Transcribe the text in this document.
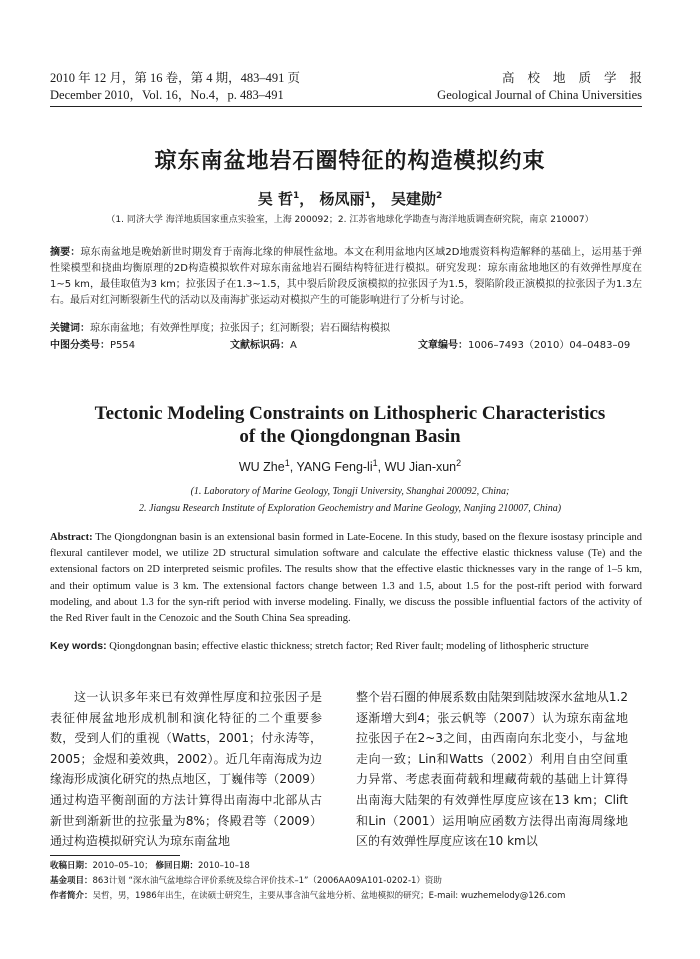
2010 年 12 月，第 16 卷，第 4 期，483–491 页
December 2010，Vol. 16，No.4，p. 483–491
高校地质学报
Geological Journal of China Universities
琼东南盆地岩石圈特征的构造模拟约束
吴 哲$^1$， 杨凤丽$^1$， 吴建勋$^2$
（1. 同济大学 海洋地质国家重点实验室，上海 200092；2. 江苏省地球化学勘查与海洋地质调查研究院，南京 210007）
摘要：琼东南盆地是晚始新世时期发育于南海北缘的伸展性盆地。本文在利用盆地内区域2D地震资料构造解释的基础上，运用基于弹性梁模型和挠曲均衡原理的2D构造模拟软件对琼东南盆地岩石圈结构特征进行模拟。研究发现：琼东南盆地地区的有效弹性厚度在1~5 km，最佳取值为3 km；拉张因子在1.3~1.5，其中裂后阶段反演模拟的拉张因子为1.5，裂陷阶段正演模拟的拉张因子为1.3左右。最后对红河断裂新生代的活动以及南海扩张运动对模拟产生的可能影响进行了分析与讨论。
关键词：琼东南盆地；有效弹性厚度；拉张因子；红河断裂；岩石圈结构模拟
中图分类号：P554	文献标识码：A	文章编号：1006–7493（2010）04–0483–09
Tectonic Modeling Constraints on Lithospheric Characteristics
of the Qiongdongnan Basin
WU Zhe$^1$, YANG Feng-$li^1$, WU Jian-xun$^2$
(1. Laboratory of Marine Geology, Tongji University, Shanghai 200092, China;
2. Jiangsu Research Institute of Exploration Geochemistry and Marine Geology, Nanjing 210007, China)
Abstract: The Qiongdongnan basin is an extensional basin formed in Late-Eocene. In this study, based on the flexure isostasy principle and flexural cantilever model, we utilize 2D structural simulation software and calculate the effective elastic thickness valuse (Te) and the extensional factors on 2D interpreted seismic profiles. The results show that the effective elastic thicknesses vary in the range of 1–5 km, and their optimum value is 3 km. The extensional factors change between 1.3 and 1.5, about 1.5 for the post-rift period with forward modeling, and about 1.3 for the syn-rift period with inverse modeling. Finally, we discuss the possible influential factors of the activity of the Red River fault in the Cenozoic and the South China Sea spreading.
Key words: Qiongdongnan basin; effective elastic thickness; stretch factor; Red River fault; modeling of lithospheric structure
这一认识多年来已有效弹性厚度和拉张因子是表征伸展盆地形成机制和演化特征的二个重要参数，受到人们的重视（Watts，2001；付永涛等，2005；金煜和姜效典，2002）。近几年南海成为边缘海形成演化研究的热点地区，丁巍伟等（2009）通过构造平衡剖面的方法计算得出南海中北部从古新世到渐新世的拉张量为8%；佟殿君等（2009）通过构造模拟研究认为琼东南盆地
整个岩石圈的伸展系数由陆架到陆坡深水盆地从1.2逐渐增大到4；张云帆等（2007）认为琼东南盆地拉张因子在2~3之间，由西南向东北变小，与盆地走向一致；Lin和Watts（2002）利用自由空间重力异常、考虑表面荷载和埋藏荷载的基础上计算得出南海大陆架的有效弹性厚度应该在13 km；Clift和Lin（2001）运用响应函数方法得出南海周缘地区的有效弹性厚度应该在10 km以
收稿日期：2010–05–10； 修回日期：2010–10–18
基金项目：863计划 “深水油气盆地综合评价系统及综合评价技术–1”（2006AA09A101-0202-1）资助
作者简介：吴哲，男，1986年出生，在读硕士研究生，主要从事含油气盆地分析、盆地模拟的研究；E-mail: wuzhemelody@126.com
